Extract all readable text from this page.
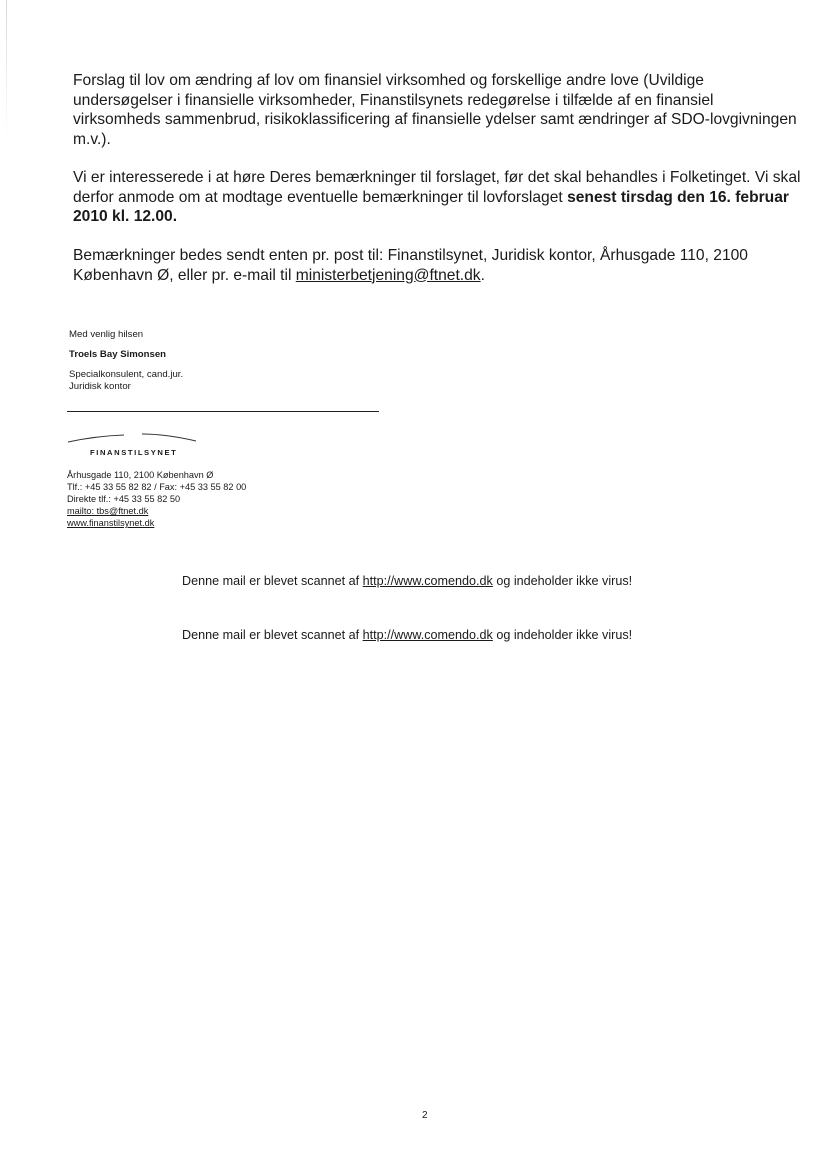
Forslag til lov om ændring af lov om finansiel virksomhed og forskellige andre love (Uvildige undersøgelser i finansielle virksomheder, Finanstilsynets redegørelse i tilfælde af en finansiel virksomheds sammenbrud, risikoklassificering af finansielle ydelser samt ændringer af SDO-lovgivningen m.v.).

Vi er interesserede i at høre Deres bemærkninger til forslaget, før det skal behandles i Folketinget. Vi skal derfor anmode om at modtage eventuelle bemærkninger til lovforslaget senest tirsdag den 16. februar 2010 kl. 12.00.

Bemærkninger bedes sendt enten pr. post til: Finanstilsynet, Juridisk kontor, Århusgade 110, 2100 København Ø, eller pr. e-mail til ministerbetjening@ftnet.dk.

Med venlig hilsen

Troels Bay Simonsen

Specialkonsulent, cand.jur.

Juridisk kontor

FINANSTILSYNET

Århusgade 110, 2100 København Ø

Tlf.: +45 33 55 82 82 / Fax: +45 33 55 82 00

Direkte tlf.: +45 33 55 82 50

mailto: tbs@ftnet.dk

www.finanstilsynet.dk

Denne mail er blevet scannet af http://www.comendo.dk og indeholder ikke virus!

Denne mail er blevet scannet af http://www.comendo.dk og indeholder ikke virus!

2
